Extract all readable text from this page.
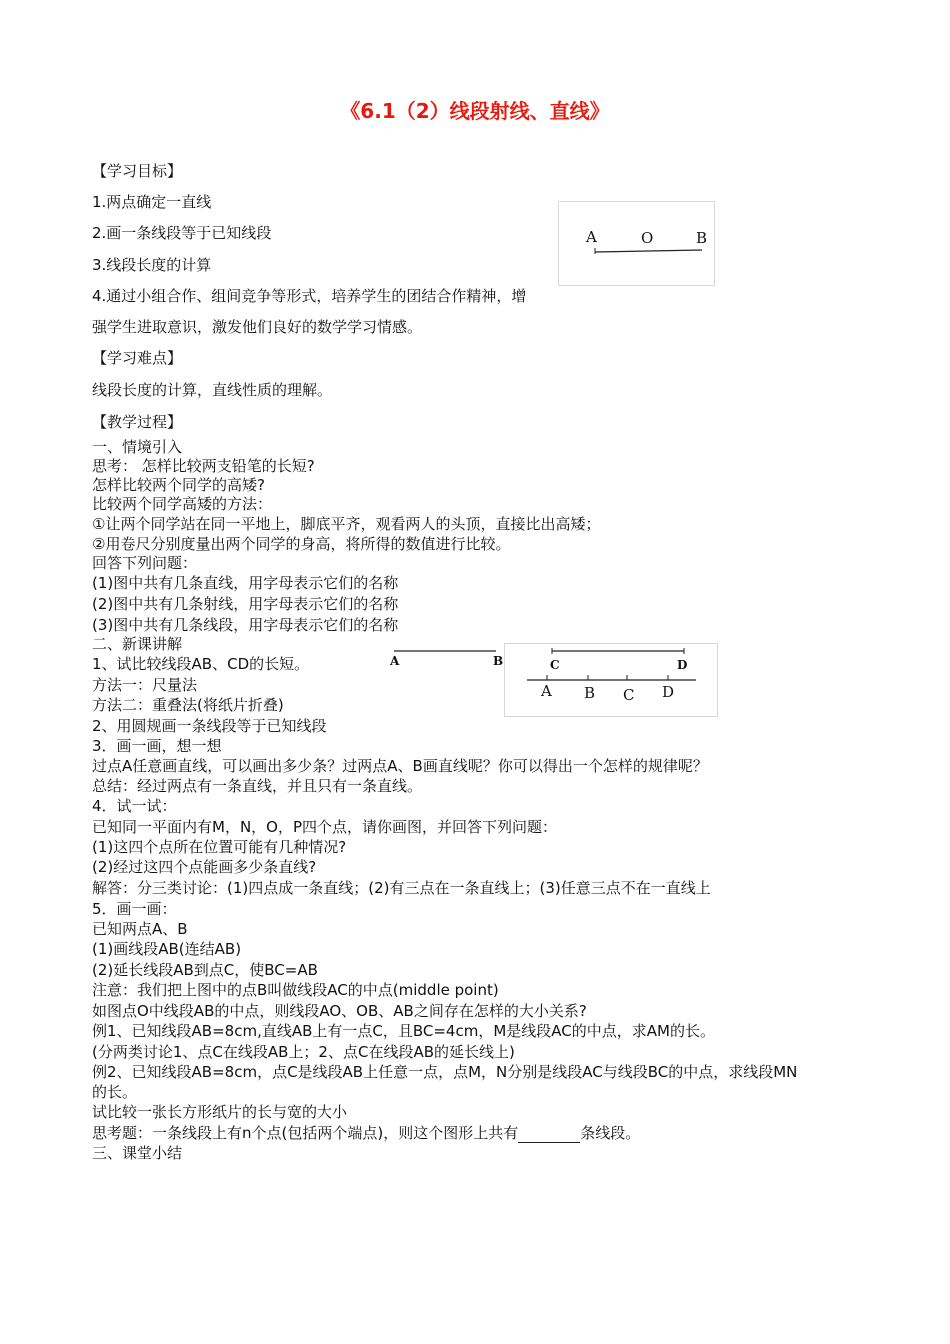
《6.1（2）线段射线、直线》
【学习目标】
1.两点确定一直线
2.画一条线段等于已知线段
3.线段长度的计算
4.通过小组合作、组间竞争等形式，培养学生的团结合作精神，增
强学生进取意识，激发他们良好的数学学习情感。
A	O	B
【学习难点】
线段长度的计算，直线性质的理解。
【教学过程】
一、情境引入
思考： 怎样比较两支铅笔的长短?
怎样比较两个同学的高矮?
比较两个同学高矮的方法：
①让两个同学站在同一平地上，脚底平齐，观看两人的头顶，直接比出高矮；
②用卷尺分别度量出两个同学的身高，将所得的数值进行比较。
回答下列问题：
(1)图中共有几条直线，用字母表示它们的名称
(2)图中共有几条射线，用字母表示它们的名称
(3)图中共有几条线段，用字母表示它们的名称
二、新课讲解
1、试比较线段AB、CD的长短。
方法一：尺量法
方法二：重叠法(将纸片折叠)
2、用圆规画一条线段等于已知线段
3．画一画，想一想
过点A任意画直线，可以画出多少条？过两点A、B画直线呢？你可以得出一个怎样的规律呢？
总结：经过两点有一条直线，并且只有一条直线。
4．试一试：
已知同一平面内有M，N，O，P四个点，请你画图，并回答下列问题：
(1)这四个点所在位置可能有几种情况?
(2)经过这四个点能画多少条直线?
解答：分三类讨论：(1)四点成一条直线；(2)有三点在一条直线上；(3)任意三点不在一直线上
5．画一画：
已知两点A、B
(1)画线段AB(连结AB)
(2)延长线段AB到点C，使BC=AB
注意：我们把上图中的点B叫做线段AC的中点(middle point)
如图点O中线段AB的中点，则线段AO、OB、AB之间存在怎样的大小关系?
例1、已知线段AB=8cm,直线AB上有一点C，且BC=4cm，M是线段AC的中点，求AM的长。
(分两类讨论1、点C在线段AB上；2、点C在线段AB的延长线上)
例2、已知线段AB=8cm，点C是线段AB上任意一点，点M，N分别是线段AC与线段BC的中点，求线段MN
的长。
试比较一张长方形纸片的长与宽的大小
思考题：一条线段上有n个点(包括两个端点)，则这个图形上共有	条线段。
三、课堂小结
A	B	C	D
A B C D
